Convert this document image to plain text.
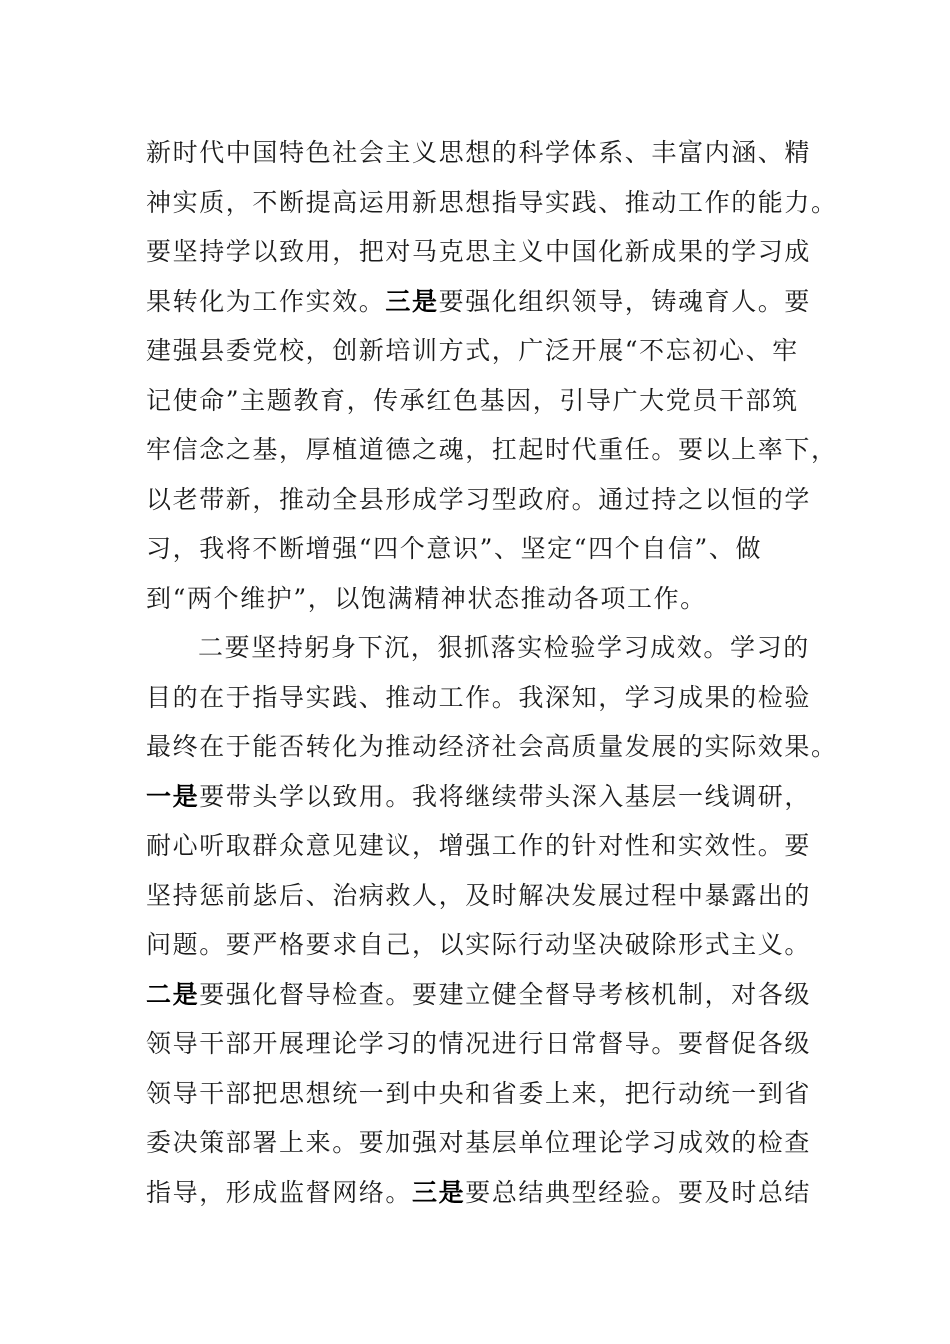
新时代中国特色社会主义思想的科学体系、丰富内涵、精
神实质，不断提高运用新思想指导实践、推动工作的能力。
要坚持学以致用，把对马克思主义中国化新成果的学习成
果转化为工作实效。三是要强化组织领导，铸魂育人。要
建强县委党校，创新培训方式，广泛开展“不忘初心、牢
记使命”主题教育，传承红色基因，引导广大党员干部筑
牢信念之基，厚植道德之魂，扛起时代重任。要以上率下，
以老带新，推动全县形成学习型政府。通过持之以恒的学
习，我将不断增强“四个意识”、坚定“四个自信”、做
到“两个维护”，以饱满精神状态推动各项工作。
二要坚持躬身下沉，狠抓落实检验学习成效。学习的
目的在于指导实践、推动工作。我深知，学习成果的检验
最终在于能否转化为推动经济社会高质量发展的实际效果。
一是要带头学以致用。我将继续带头深入基层一线调研，
耐心听取群众意见建议，增强工作的针对性和实效性。要
坚持惩前毖后、治病救人，及时解决发展过程中暴露出的
问题。要严格要求自己，以实际行动坚决破除形式主义。
二是要强化督导检查。要建立健全督导考核机制，对各级
领导干部开展理论学习的情况进行日常督导。要督促各级
领导干部把思想统一到中央和省委上来，把行动统一到省
委决策部署上来。要加强对基层单位理论学习成效的检查
指导，形成监督网络。三是要总结典型经验。要及时总结
